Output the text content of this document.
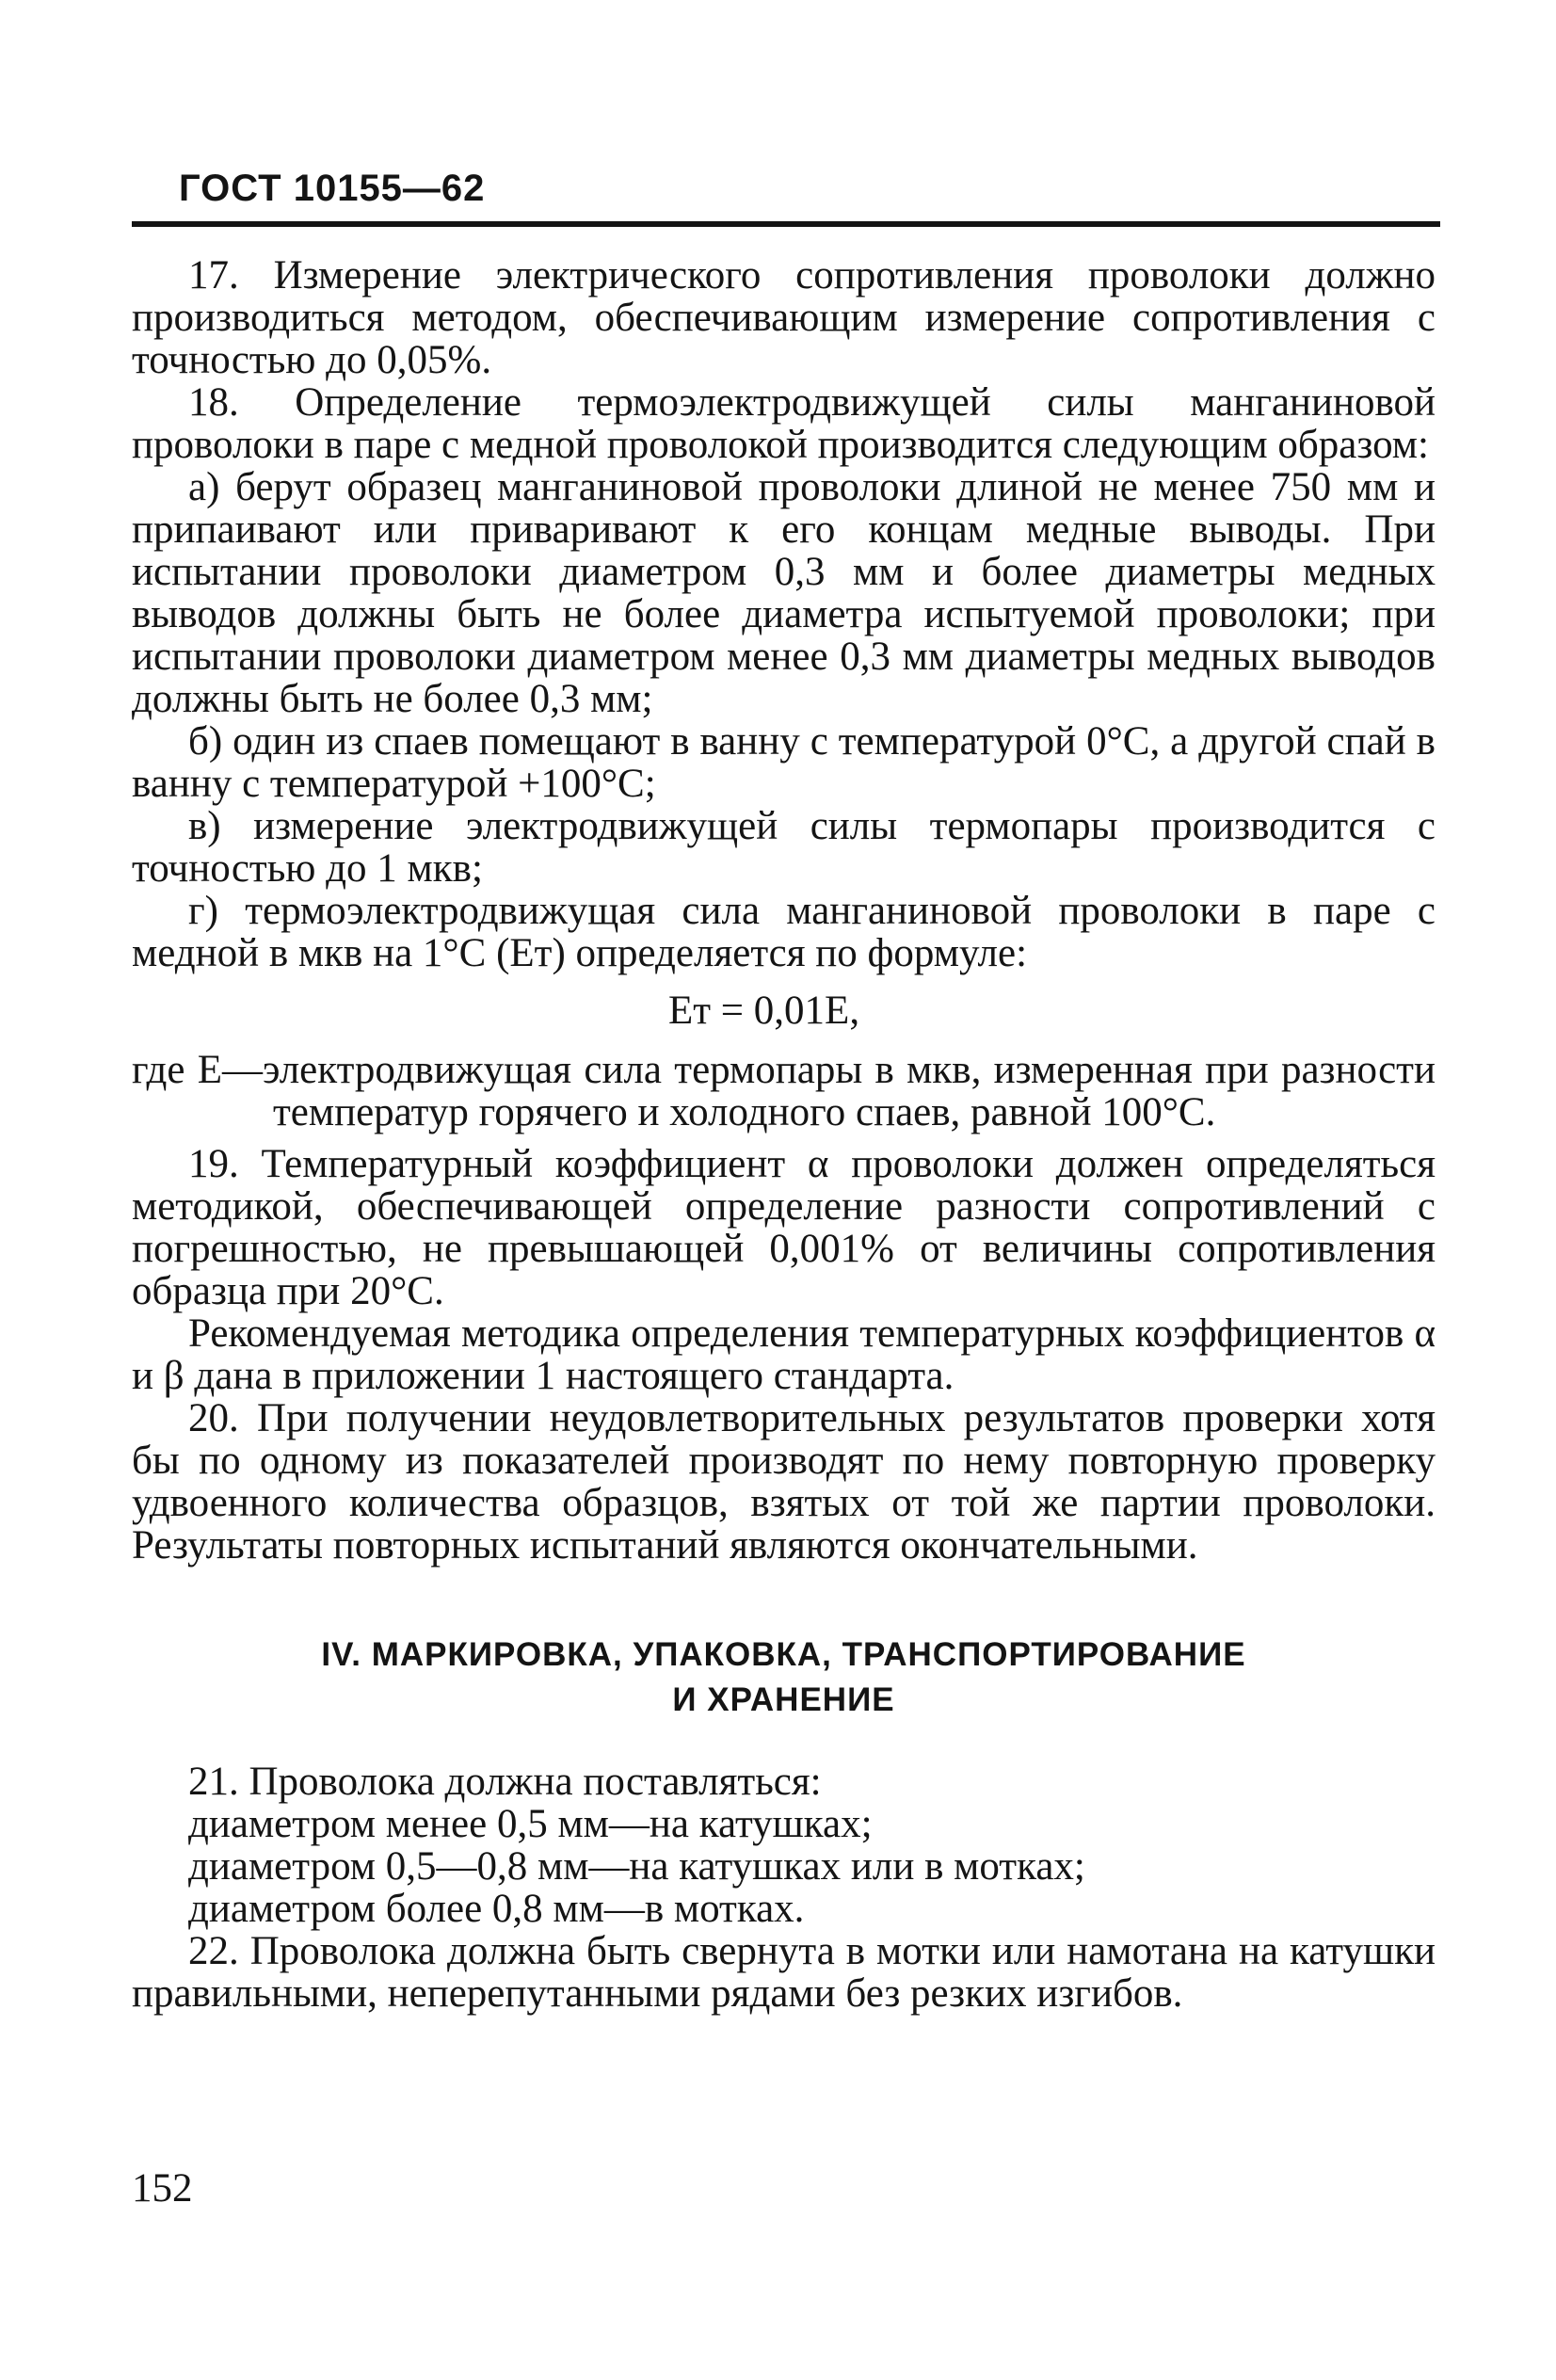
ГОСТ 10155—62

17. Измерение электрического сопротивления проволоки должно производиться методом, обеспечивающим измерение сопротивления с точностью до 0,05%.

18. Определение термоэлектродвижущей силы манганиновой проволоки в паре с медной проволокой производится следующим образом:

а) берут образец манганиновой проволоки длиной не менее 750 мм и припаивают или приваривают к его концам медные выводы. При испытании проволоки диаметром 0,3 мм и более диаметры медных выводов должны быть не более диаметра испытуемой проволоки; при испытании проволоки диаметром менее 0,3 мм диаметры медных выводов должны быть не более 0,3 мм;

б) один из спаев помещают в ванну с температурой 0°С, а другой спай в ванну с температурой +100°С;

в) измерение электродвижущей силы термопары производится с точностью до 1 мкв;

г) термоэлектродвижущая сила манганиновой проволоки в паре с медной в мкв на 1°С (Eт) определяется по формуле:

Eт = 0,01E,

где E—электродвижущая сила термопары в мкв, измеренная при разности температур горячего и холодного спаев, равной 100°С.

19. Температурный коэффициент α проволоки должен определяться методикой, обеспечивающей определение разности сопротивлений с погрешностью, не превышающей 0,001% от величины сопротивления образца при 20°С.

Рекомендуемая методика определения температурных коэффициентов α и β дана в приложении 1 настоящего стандарта.

20. При получении неудовлетворительных результатов проверки хотя бы по одному из показателей производят по нему повторную проверку удвоенного количества образцов, взятых от той же партии проволоки. Результаты повторных испытаний являются окончательными.

IV. МАРКИРОВКА, УПАКОВКА, ТРАНСПОРТИРОВАНИЕ
И ХРАНЕНИЕ

21. Проволока должна поставляться:

диаметром менее 0,5 мм—на катушках;
диаметром 0,5—0,8 мм—на катушках или в мотках;
диаметром более 0,8 мм—в мотках.

22. Проволока должна быть свернута в мотки или намотана на катушки правильными, неперепутанными рядами без резких изгибов.

152
